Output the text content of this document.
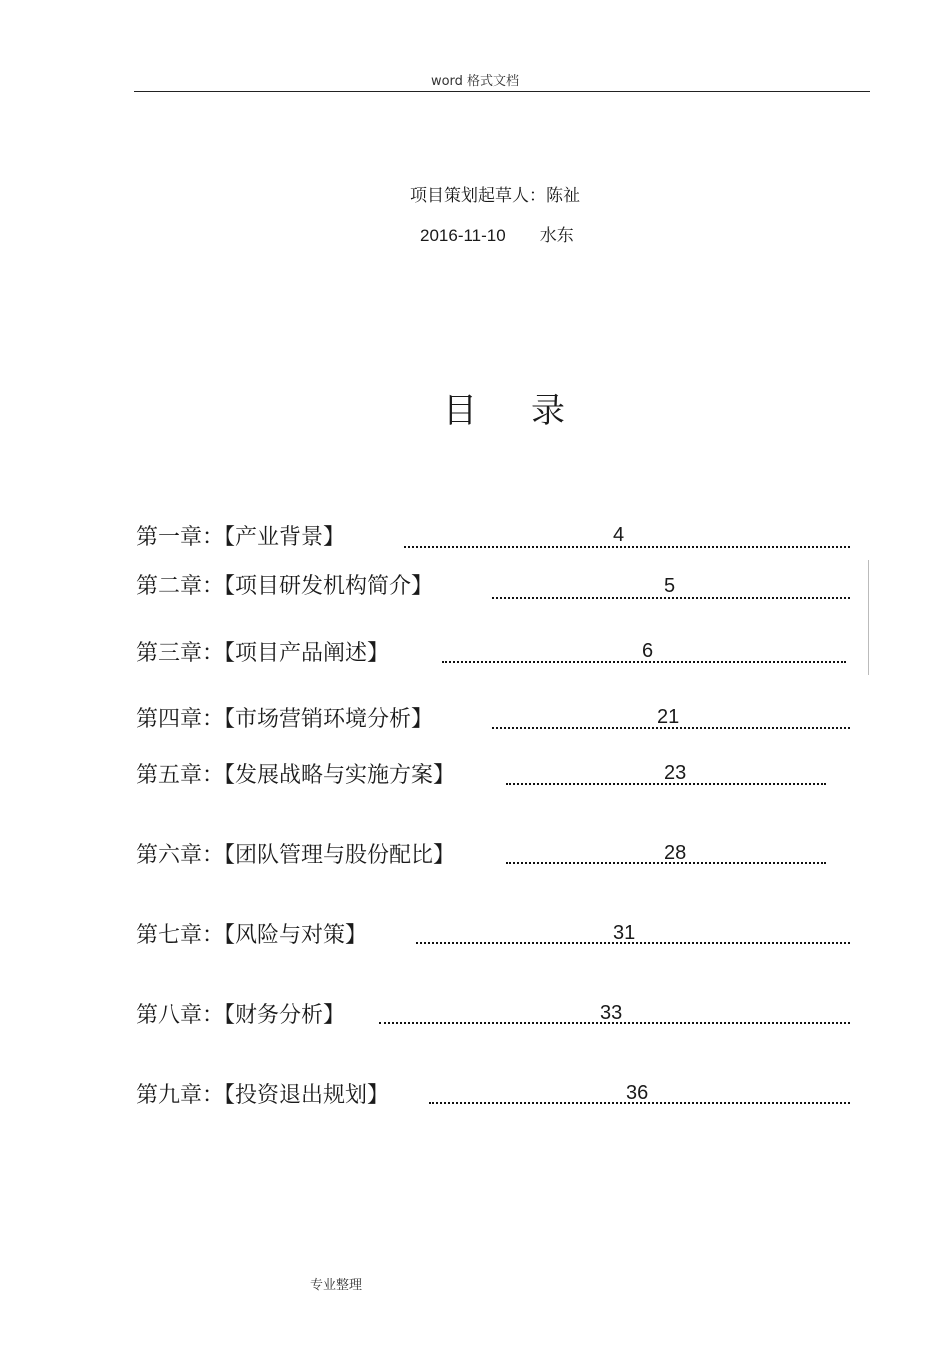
word 格式文档
项目策划起草人：陈祉
2016-11-10 水东
目录
第一章：【产业背景】	4
第二章：【项目研发机构简介】	5
第三章：【项目产品阐述】	6
第四章：【市场营销环境分析】	21
第五章：【发展战略与实施方案】	23
第六章：【团队管理与股份配比】	28
第七章：【风险与对策】	31
第八章：【财务分析】	33
第九章：【投资退出规划】	36
专业整理
